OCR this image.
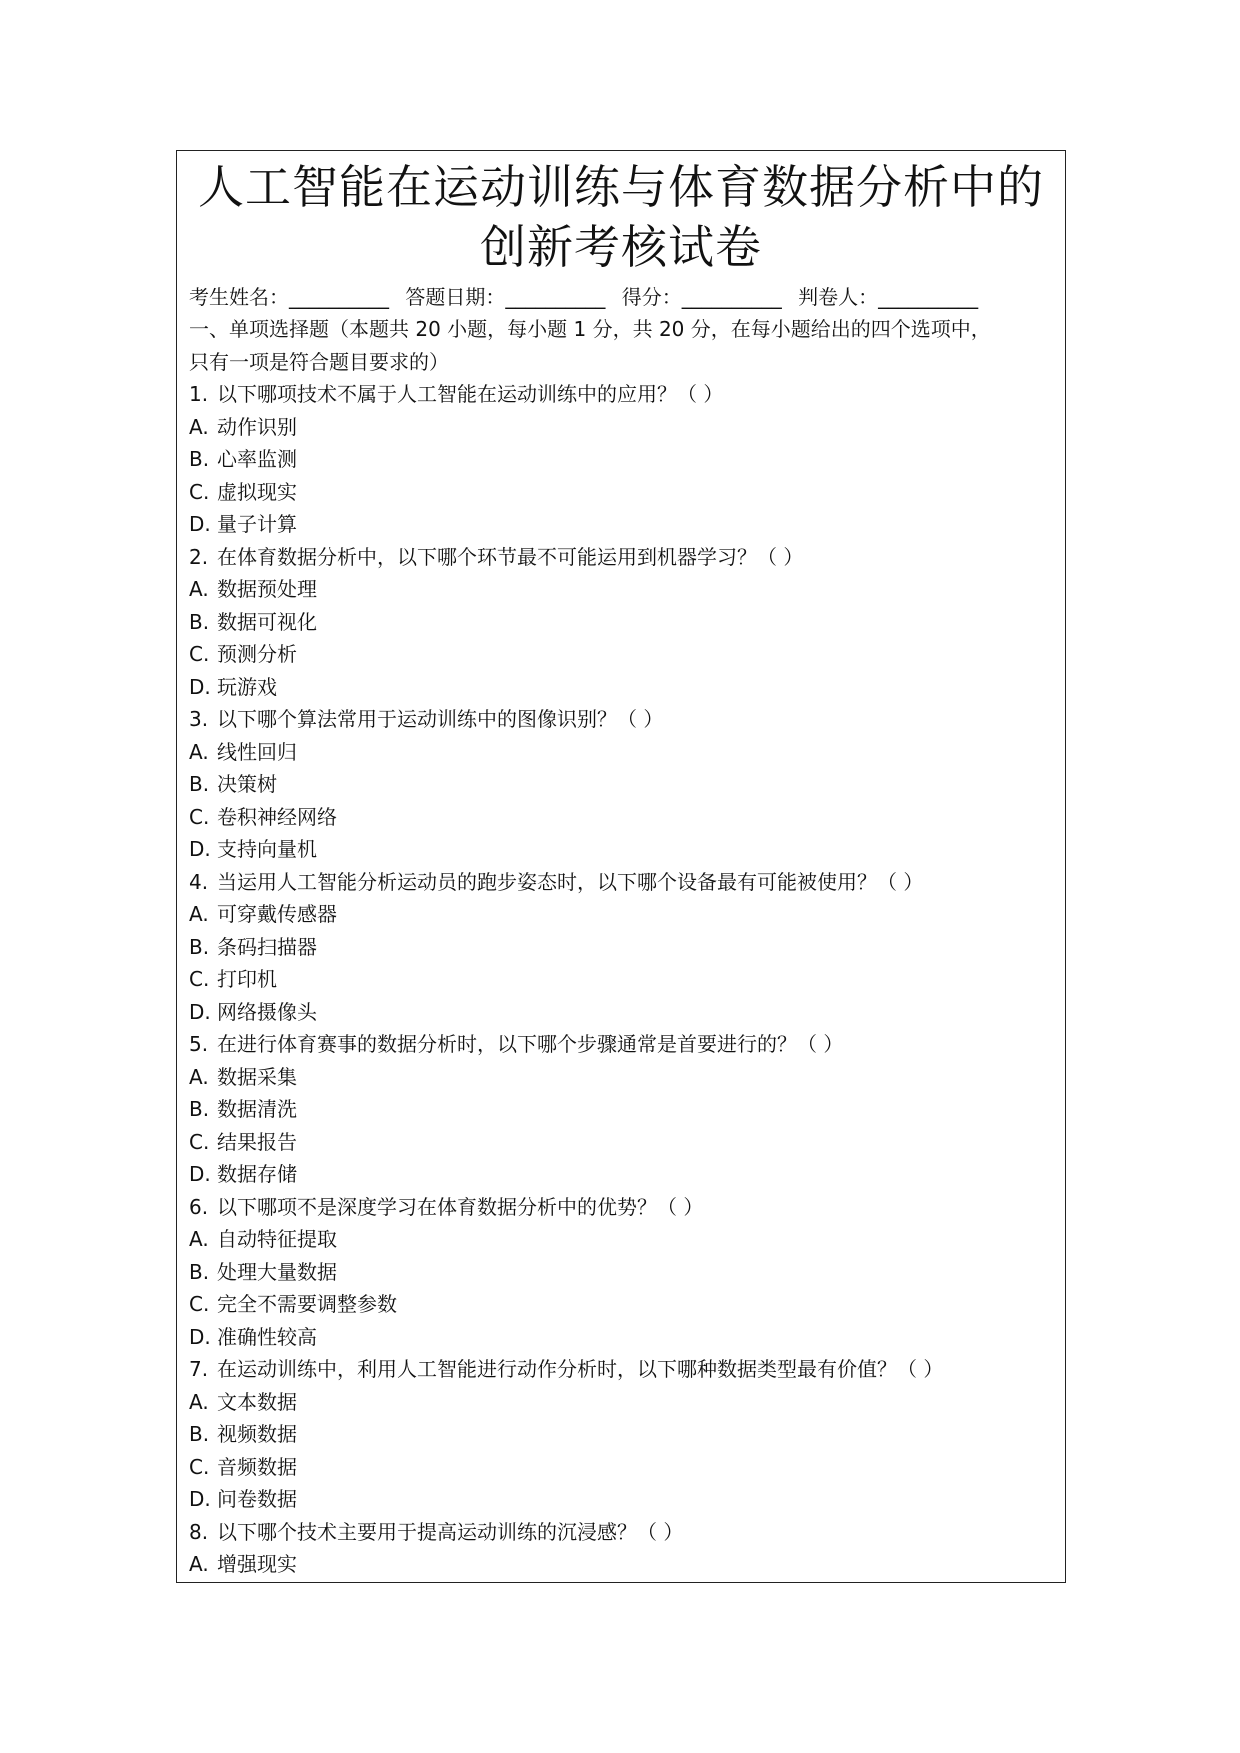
人工智能在运动训练与体育数据分析中的
创新考核试卷
考生姓名：__________ 答题日期：__________ 得分：__________ 判卷人：__________
一、单项选择题（本题共 20 小题，每小题 1 分，共 20 分，在每小题给出的四个选项中，
只有一项是符合题目要求的）
1. 以下哪项技术不属于人工智能在运动训练中的应用？（ ）
A. 动作识别
B. 心率监测
C. 虚拟现实
D. 量子计算
2. 在体育数据分析中，以下哪个环节最不可能运用到机器学习？（ ）
A. 数据预处理
B. 数据可视化
C. 预测分析
D. 玩游戏
3. 以下哪个算法常用于运动训练中的图像识别？（ ）
A. 线性回归
B. 决策树
C. 卷积神经网络
D. 支持向量机
4. 当运用人工智能分析运动员的跑步姿态时，以下哪个设备最有可能被使用？（ ）
A. 可穿戴传感器
B. 条码扫描器
C. 打印机
D. 网络摄像头
5. 在进行体育赛事的数据分析时，以下哪个步骤通常是首要进行的？（ ）
A. 数据采集
B. 数据清洗
C. 结果报告
D. 数据存储
6. 以下哪项不是深度学习在体育数据分析中的优势？（ ）
A. 自动特征提取
B. 处理大量数据
C. 完全不需要调整参数
D. 准确性较高
7. 在运动训练中，利用人工智能进行动作分析时，以下哪种数据类型最有价值？（ ）
A. 文本数据
B. 视频数据
C. 音频数据
D. 问卷数据
8. 以下哪个技术主要用于提高运动训练的沉浸感？（ ）
A. 增强现实
